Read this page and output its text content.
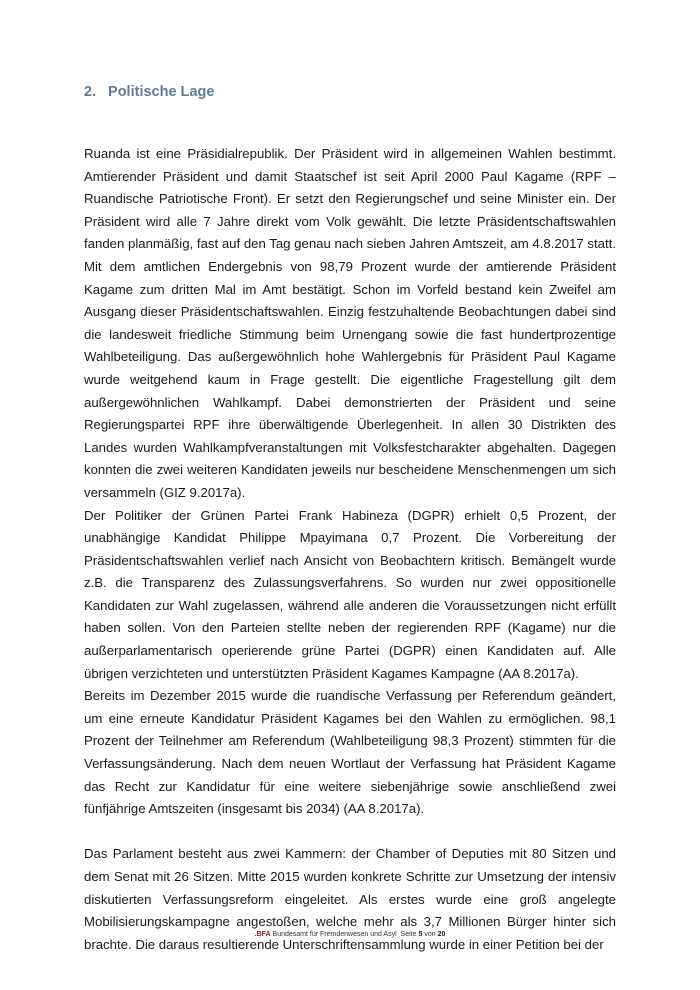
2. Politische Lage

Ruanda ist eine Präsidialrepublik. Der Präsident wird in allgemeinen Wahlen bestimmt. Amtierender Präsident und damit Staatschef ist seit April 2000 Paul Kagame (RPF – Ruandische Patriotische Front). Er setzt den Regierungschef und seine Minister ein. Der Präsident wird alle 7 Jahre direkt vom Volk gewählt. Die letzte Präsidentschaftswahlen fanden planmäßig, fast auf den Tag genau nach sieben Jahren Amtszeit, am 4.8.2017 statt. Mit dem amtlichen Endergebnis von 98,79 Prozent wurde der amtierende Präsident Kagame zum dritten Mal im Amt bestätigt. Schon im Vorfeld bestand kein Zweifel am Ausgang dieser Präsidentschaftswahlen. Einzig festzuhaltende Beobachtungen dabei sind die landesweit friedliche Stimmung beim Urnengang sowie die fast hundertprozentige Wahlbeteiligung. Das außergewöhnlich hohe Wahlergebnis für Präsident Paul Kagame wurde weitgehend kaum in Frage gestellt. Die eigentliche Fragestellung gilt dem außergewöhnlichen Wahlkampf. Dabei demonstrierten der Präsident und seine Regierungspartei RPF ihre überwältigende Überlegenheit. In allen 30 Distrikten des Landes wurden Wahlkampfveranstaltungen mit Volksfestcharakter abgehalten. Dagegen konnten die zwei weiteren Kandidaten jeweils nur bescheidene Menschenmengen um sich versammeln (GIZ 9.2017a).

Der Politiker der Grünen Partei Frank Habineza (DGPR) erhielt 0,5 Prozent, der unabhängige Kandidat Philippe Mpayimana 0,7 Prozent. Die Vorbereitung der Präsidentschaftswahlen verlief nach Ansicht von Beobachtern kritisch. Bemängelt wurde z.B. die Transparenz des Zulassungsverfahrens. So wurden nur zwei oppositionelle Kandidaten zur Wahl zugelassen, während alle anderen die Voraussetzungen nicht erfüllt haben sollen. Von den Parteien stellte neben der regierenden RPF (Kagame) nur die außerparlamentarisch operierende grüne Partei (DGPR) einen Kandidaten auf. Alle übrigen verzichteten und unterstützten Präsident Kagames Kampagne (AA 8.2017a).

Bereits im Dezember 2015 wurde die ruandische Verfassung per Referendum geändert, um eine erneute Kandidatur Präsident Kagames bei den Wahlen zu ermöglichen. 98,1 Prozent der Teilnehmer am Referendum (Wahlbeteiligung 98,3 Prozent) stimmten für die Verfassungsänderung. Nach dem neuen Wortlaut der Verfassung hat Präsident Kagame das Recht zur Kandidatur für eine weitere siebenjährige sowie anschließend zwei fünfjährige Amtszeiten (insgesamt bis 2034) (AA 8.2017a).

Das Parlament besteht aus zwei Kammern: der Chamber of Deputies mit 80 Sitzen und dem Senat mit 26 Sitzen. Mitte 2015 wurden konkrete Schritte zur Umsetzung der intensiv diskutierten Verfassungsreform eingeleitet. Als erstes wurde eine groß angelegte Mobilisierungskampagne angestoßen, welche mehr als 3,7 Millionen Bürger hinter sich brachte. Die daraus resultierende Unterschriftensammlung wurde in einer Petition bei der

.BFA Bundesamt für Fremdenwesen und Asyl Seite 5 von 20
